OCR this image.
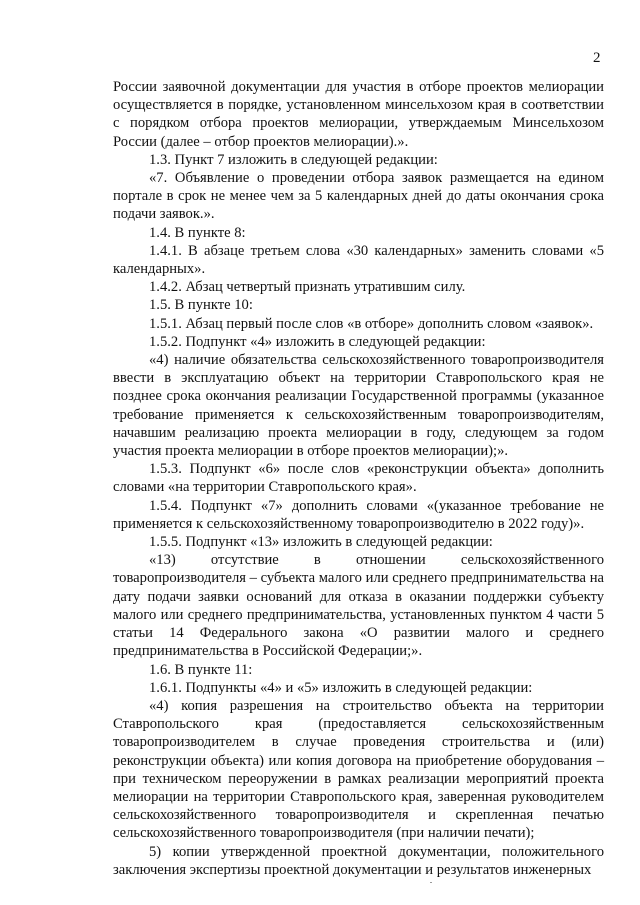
2

России заявочной документации для участия в отборе проектов мелиорации осуществляется в порядке, установленном минсельхозом края в соответствии с порядком отбора проектов мелиорации, утверждаемым Минсельхозом России (далее – отбор проектов мелиорации).».

1.3. Пункт 7 изложить в следующей редакции:

«7. Объявление о проведении отбора заявок размещается на едином портале в срок не менее чем за 5 календарных дней до даты окончания срока подачи заявок.».

1.4. В пункте 8:

1.4.1. В абзаце третьем слова «30 календарных» заменить словами «5 календарных».

1.4.2. Абзац четвертый признать утратившим силу.

1.5. В пункте 10:

1.5.1. Абзац первый после слов «в отборе» дополнить словом «заявок».

1.5.2. Подпункт «4» изложить в следующей редакции:

«4) наличие обязательства сельскохозяйственного товаропроизводителя ввести в эксплуатацию объект на территории Ставропольского края не позднее срока окончания реализации Государственной программы (указанное требование применяется к сельскохозяйственным товаропроизводителям, начавшим реализацию проекта мелиорации в году, следующем за годом участия проекта мелиорации в отборе проектов мелиорации);».

1.5.3. Подпункт «6» после слов «реконструкции объекта» дополнить словами «на территории Ставропольского края».

1.5.4. Подпункт «7» дополнить словами «(указанное требование не применяется к сельскохозяйственному товаропроизводителю в 2022 году)».

1.5.5. Подпункт «13» изложить в следующей редакции:

«13) отсутствие в отношении сельскохозяйственного товаропроизводителя – субъекта малого или среднего предпринимательства на дату подачи заявки оснований для отказа в оказании поддержки субъекту малого или среднего предпринимательства, установленных пунктом 4 части 5 статьи 14 Федерального закона «О развитии малого и среднего предпринимательства в Российской Федерации;».

1.6. В пункте 11:

1.6.1. Подпункты «4» и «5» изложить в следующей редакции:

«4) копия разрешения на строительство объекта на территории Ставропольского края (предоставляется сельскохозяйственным товаропроизводителем в случае проведения строительства и (или) реконструкции объекта) или копия договора на приобретение оборудования – при техническом переоружении в рамках реализации мероприятий проекта мелиорации на территории Ставропольского края, заверенная руководителем сельскохозяйственного товаропроизводителя и скрепленная печатью сельскохозяйственного товаропроизводителя (при наличии печати);

5) копии утвержденной проектной документации, положительного заключения экспертизы проектной документации и результатов инженерных
